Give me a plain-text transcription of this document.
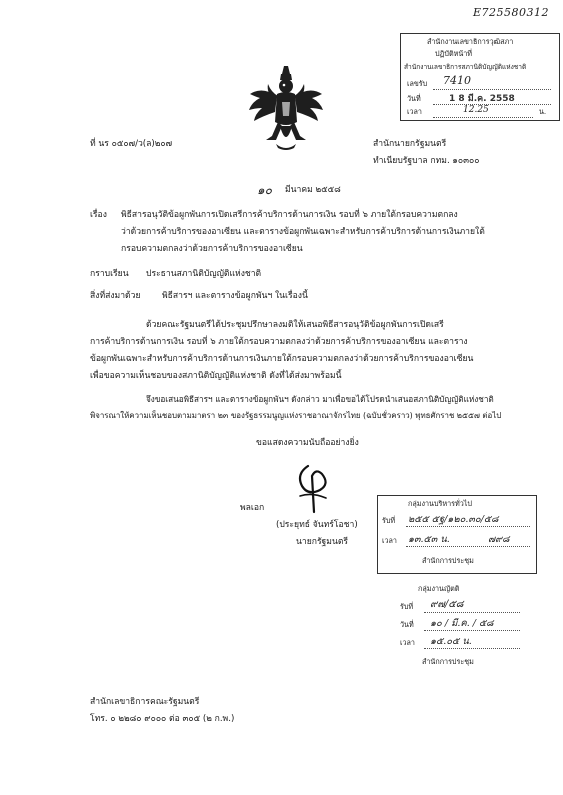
E725580312
สำนักงานเลขาธิการวุฒิสภา
ปฏิบัติหน้าที่
สำนักงานเลขาธิการสภานิติบัญญัติแห่งชาติ
เลขรับ 7410
วันที่	1 8 มี.ค. 2558
เวลา	12.25	น.
ที่ นร ๐๕๐๗/ว(ล)๒๐๗	สำนักนายกรัฐมนตรี
ทำเนียบรัฐบาล กทม. ๑๐๓๐๐
๑๐ มีนาคม ๒๕๕๘
เรื่อง พิธีสารอนุวัติข้อผูกพันการเปิดเสรีการค้าบริการด้านการเงิน รอบที่ ๖ ภายใต้กรอบความตกลง
ว่าด้วยการค้าบริการของอาเซียน และตารางข้อผูกพันเฉพาะสำหรับการค้าบริการด้านการเงินภายใต้
กรอบความตกลงว่าด้วยการค้าบริการของอาเซียน
กราบเรียน ประธานสภานิติบัญญัติแห่งชาติ
สิ่งที่ส่งมาด้วย	พิธีสารฯ และตารางข้อผูกพันฯ ในเรื่องนี้
ด้วยคณะรัฐมนตรีได้ประชุมปรึกษาลงมติให้เสนอพิธีสารอนุวัติข้อผูกพันการเปิดเสรี
การค้าบริการด้านการเงิน รอบที่ ๖ ภายใต้กรอบความตกลงว่าด้วยการค้าบริการของอาเซียน และตาราง
ข้อผูกพันเฉพาะสำหรับการค้าบริการด้านการเงินภายใต้กรอบความตกลงว่าด้วยการค้าบริการของอาเซียน
เพื่อขอความเห็นชอบของสภานิติบัญญัติแห่งชาติ ดังที่ได้ส่งมาพร้อมนี้
จึงขอเสนอพิธีสารฯ และตารางข้อผูกพันฯ ดังกล่าว มาเพื่อขอได้โปรดนำเสนอสภานิติบัญญัติแห่งชาติ
พิจารณาให้ความเห็นชอบตามมาตรา ๒๓ ของรัฐธรรมนูญแห่งราชอาณาจักรไทย (ฉบับชั่วคราว) พุทธศักราช ๒๕๕๗ ต่อไป
ขอแสดงความนับถืออย่างยิ่ง
พลเอก
(ประยุทธ์ จันทร์โอชา)
นายกรัฐมนตรี
กลุ่มงานบริหารทั่วไป
รับที่ ๒๕๕ ๕ฐ/๑๒๐.๓๐/๕๘
เวลา ๑๓.๕๓ น.	๗๙๘
สำนักการประชุม
กลุ่มงานญัตติ
รับที่ ๙๗/๕๘
วันที่ ๑๐ / มี.ค. / ๕๘
เวลา ๑๕.๐๕ น.
สำนักการประชุม
สำนักเลขาธิการคณะรัฐมนตรี
โทร. ๐ ๒๒๘๐ ๙๐๐๐ ต่อ ๓๐๕ (๒ ก.พ.)
